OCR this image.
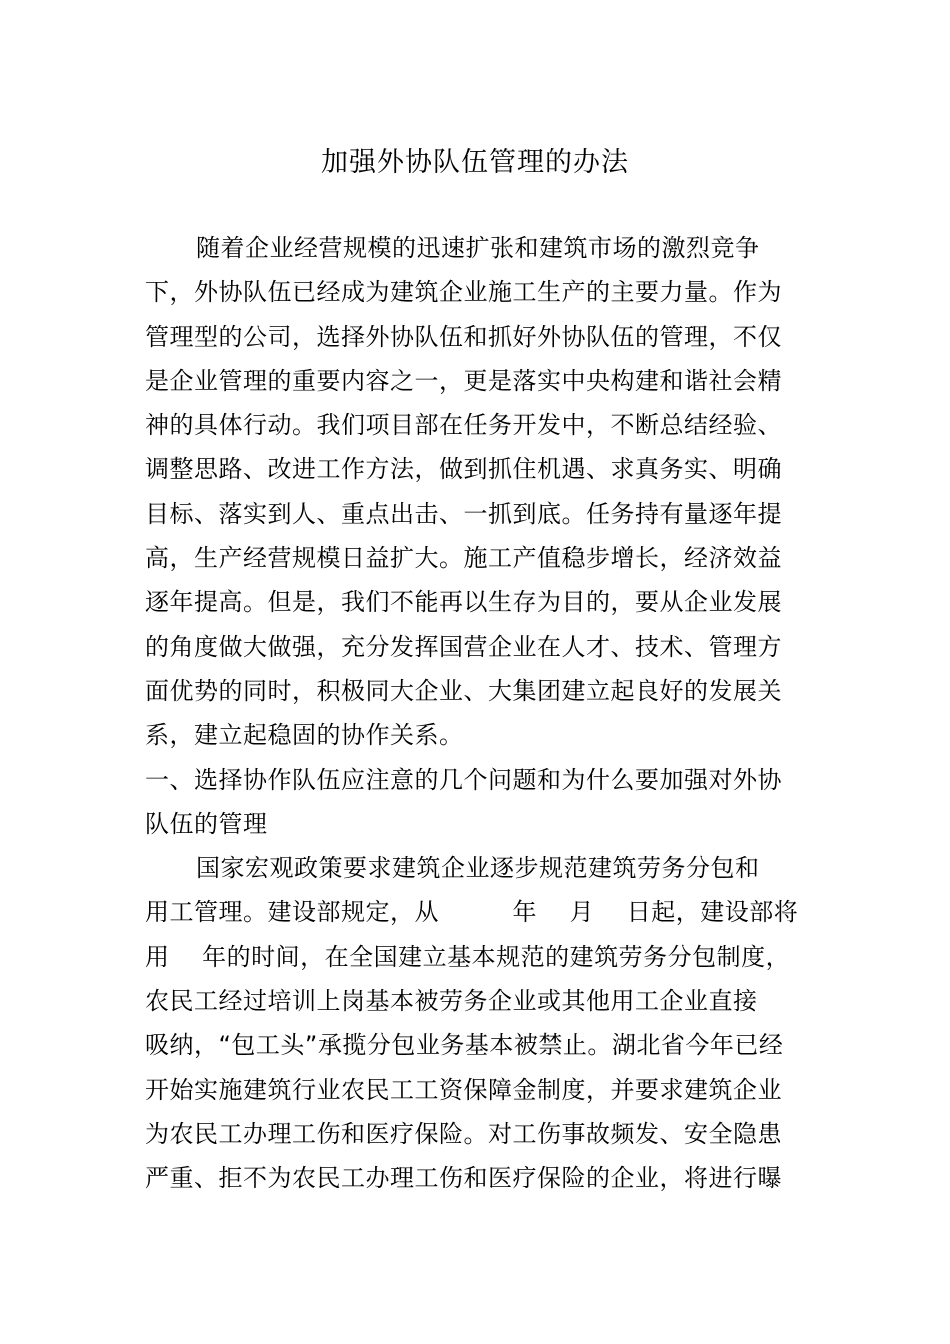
加强外协队伍管理的办法
随着企业经营规模的迅速扩张和建筑市场的激烈竞争
下，外协队伍已经成为建筑企业施工生产的主要力量。作为
管理型的公司，选择外协队伍和抓好外协队伍的管理，不仅
是企业管理的重要内容之一，更是落实中央构建和谐社会精
神的具体行动。我们项目部在任务开发中，不断总结经验、
调整思路、改进工作方法，做到抓住机遇、求真务实、明确
目标、落实到人、重点出击、一抓到底。任务持有量逐年提
高，生产经营规模日益扩大。施工产值稳步增长，经济效益
逐年提高。但是，我们不能再以生存为目的，要从企业发展
的角度做大做强，充分发挥国营企业在人才、技术、管理方
面优势的同时，积极同大企业、大集团建立起良好的发展关
系，建立起稳固的协作关系。
一、选择协作队伍应注意的几个问题和为什么要加强对外协
队伍的管理
国家宏观政策要求建筑企业逐步规范建筑劳务分包和
用工管理。建设部规定，从　　　年　 月　 日起，建设部将
用　 年的时间，在全国建立基本规范的建筑劳务分包制度，
农民工经过培训上岗基本被劳务企业或其他用工企业直接
吸纳，“包工头”承揽分包业务基本被禁止。湖北省今年已经
开始实施建筑行业农民工工资保障金制度，并要求建筑企业
为农民工办理工伤和医疗保险。对工伤事故频发、安全隐患
严重、拒不为农民工办理工伤和医疗保险的企业，将进行曝
